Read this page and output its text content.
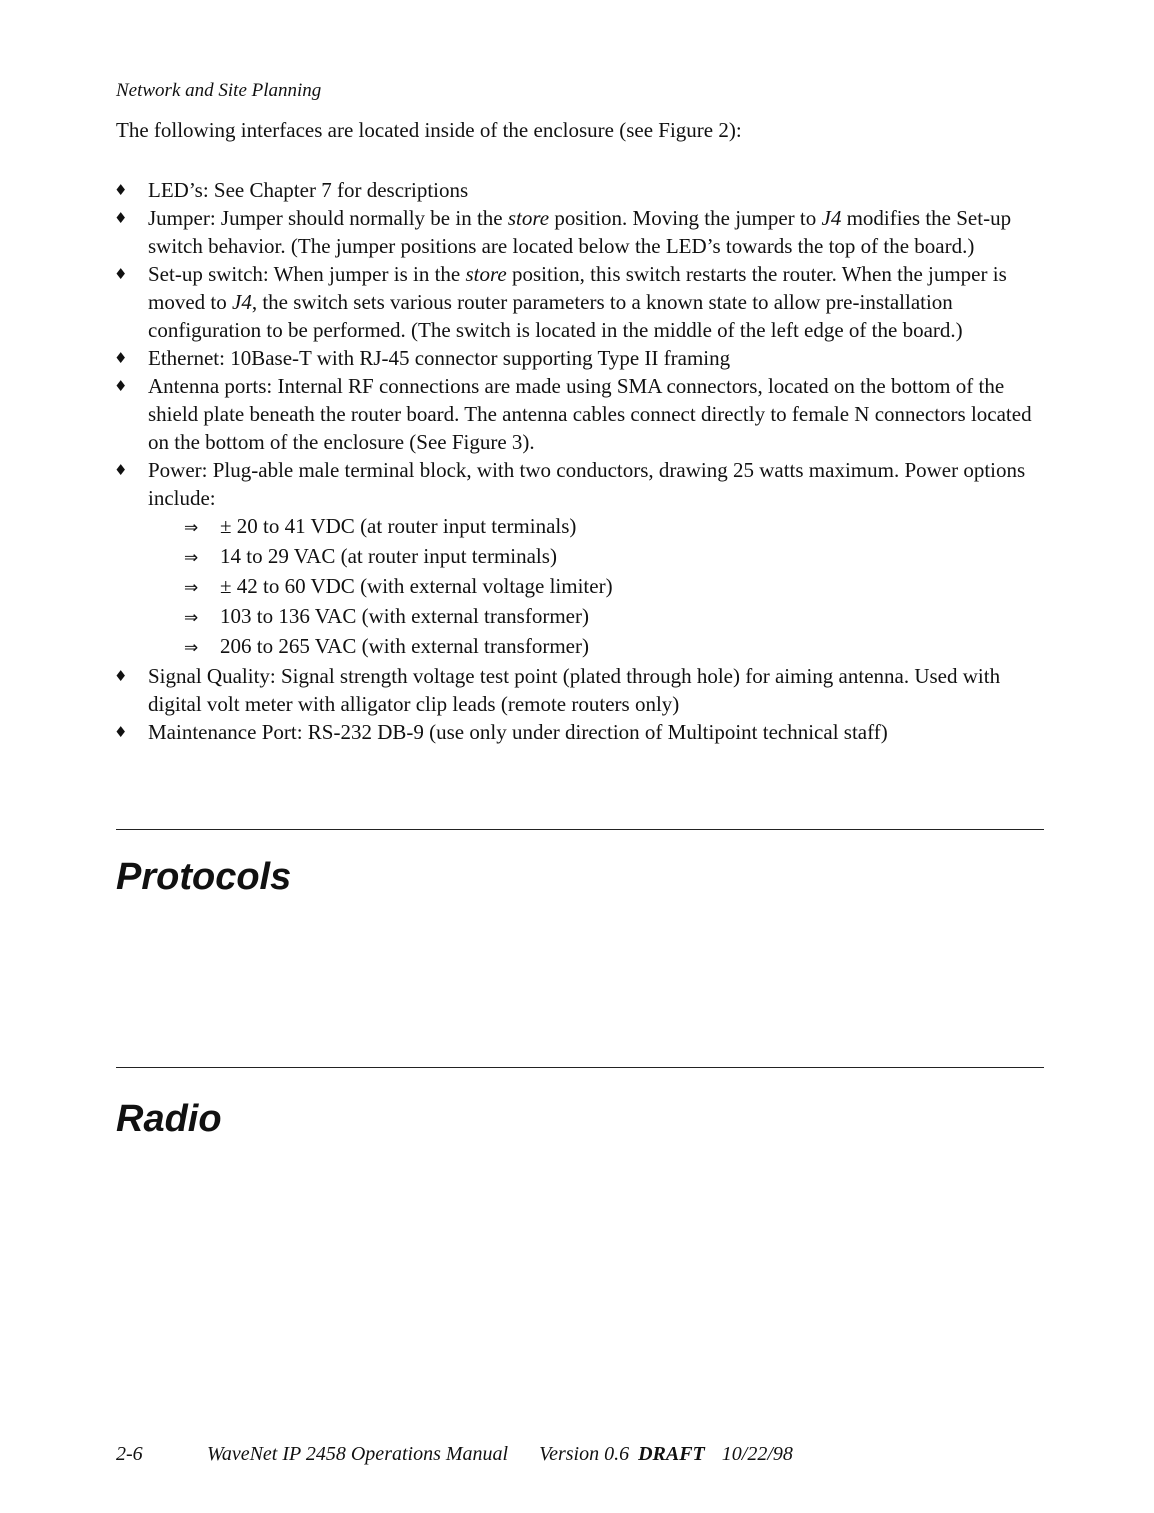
Network and Site Planning
The following interfaces are located inside of the enclosure (see Figure 2):
♦ LED’s: See Chapter 7 for descriptions
♦ Jumper: Jumper should normally be in the store position. Moving the jumper to J4 modifies the Set-up switch behavior. (The jumper positions are located below the LED’s towards the top of the board.)
♦ Set-up switch: When jumper is in the store position, this switch restarts the router. When the jumper is moved to J4, the switch sets various router parameters to a known state to allow pre-installation configuration to be performed. (The switch is located in the middle of the left edge of the board.)
♦ Ethernet: 10Base-T with RJ-45 connector supporting Type II framing
♦ Antenna ports: Internal RF connections are made using SMA connectors, located on the bottom of the shield plate beneath the router board. The antenna cables connect directly to female N connectors located on the bottom of the enclosure (See Figure 3).
♦ Power: Plug-able male terminal block, with two conductors, drawing 25 watts maximum. Power options include:
⇒ ± 20 to 41 VDC (at router input terminals)
⇒ 14 to 29 VAC (at router input terminals)
⇒ ± 42 to 60 VDC (with external voltage limiter)
⇒ 103 to 136 VAC (with external transformer)
⇒ 206 to 265 VAC (with external transformer)
♦ Signal Quality: Signal strength voltage test point (plated through hole) for aiming antenna. Used with digital volt meter with alligator clip leads (remote routers only)
♦ Maintenance Port: RS-232 DB-9 (use only under direction of Multipoint technical staff)
Protocols
Radio
2-6	WaveNet IP 2458 Operations Manual Version 0.6 DRAFT 10/22/98
